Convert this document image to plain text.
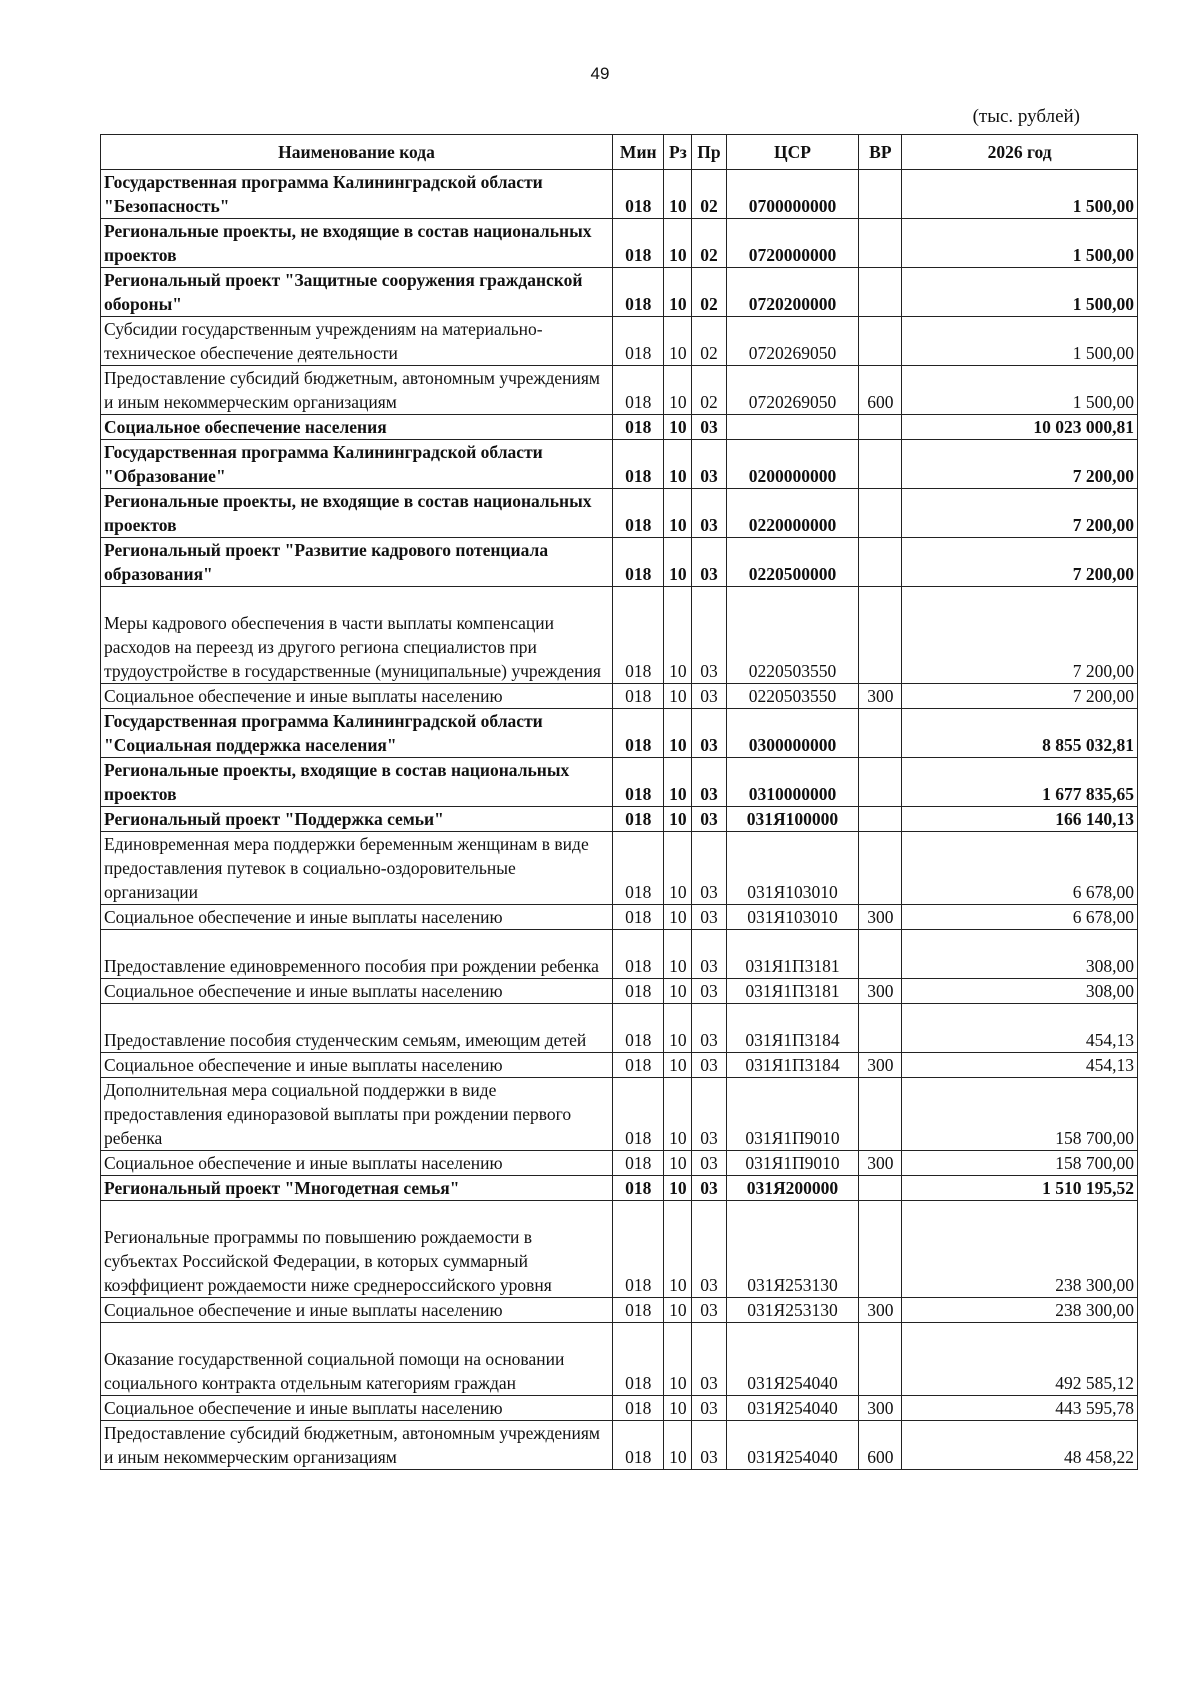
49
(тыс. рублей)
Наименование кода	Мин	Рз	Пр	ЦСР	ВР	2026 год
Государственная программа Калининградской области "Безопасность"	018	10	02	0700000000		1 500,00
Региональные проекты, не входящие в состав национальных проектов	018	10	02	0720000000		1 500,00
Региональный проект "Защитные сооружения гражданской обороны"	018	10	02	0720200000		1 500,00
Субсидии государственным учреждениям на материально-техническое обеспечение деятельности	018	10	02	0720269050		1 500,00
Предоставление субсидий бюджетным, автономным учреждениям и иным некоммерческим организациям	018	10	02	0720269050	600	1 500,00
Социальное обеспечение населения	018	10	03			10 023 000,81
Государственная программа Калининградской области "Образование"	018	10	03	0200000000		7 200,00
Региональные проекты, не входящие в состав национальных проектов	018	10	03	0220000000		7 200,00
Региональный проект "Развитие кадрового потенциала образования"	018	10	03	0220500000		7 200,00
Меры кадрового обеспечения в части выплаты компенсации расходов на переезд из другого региона специалистов при трудоустройстве в государственные (муниципальные) учреждения	018	10	03	0220503550		7 200,00
Социальное обеспечение и иные выплаты населению	018	10	03	0220503550	300	7 200,00
Государственная программа Калининградской области "Социальная поддержка населения"	018	10	03	0300000000		8 855 032,81
Региональные проекты, входящие в состав национальных проектов	018	10	03	0310000000		1 677 835,65
Региональный проект "Поддержка семьи"	018	10	03	031Я100000		166 140,13
Единовременная мера поддержки беременным женщинам в виде предоставления путевок в социально-оздоровительные организации	018	10	03	031Я103010		6 678,00
Социальное обеспечение и иные выплаты населению	018	10	03	031Я103010	300	6 678,00
Предоставление единовременного пособия при рождении ребенка	018	10	03	031Я1П3181		308,00
Социальное обеспечение и иные выплаты населению	018	10	03	031Я1П3181	300	308,00
Предоставление пособия студенческим семьям, имеющим детей	018	10	03	031Я1П3184		454,13
Социальное обеспечение и иные выплаты населению	018	10	03	031Я1П3184	300	454,13
Дополнительная мера социальной поддержки в виде предоставления единоразовой выплаты при рождении первого ребенка	018	10	03	031Я1П9010		158 700,00
Социальное обеспечение и иные выплаты населению	018	10	03	031Я1П9010	300	158 700,00
Региональный проект "Многодетная семья"	018	10	03	031Я200000		1 510 195,52
Региональные программы по повышению рождаемости в субъектах Российской Федерации, в которых суммарный коэффициент рождаемости ниже среднероссийского уровня	018	10	03	031Я253130		238 300,00
Социальное обеспечение и иные выплаты населению	018	10	03	031Я253130	300	238 300,00
Оказание государственной социальной помощи на основании социального контракта отдельным категориям граждан	018	10	03	031Я254040		492 585,12
Социальное обеспечение и иные выплаты населению	018	10	03	031Я254040	300	443 595,78
Предоставление субсидий бюджетным, автономным учреждениям и иным некоммерческим организациям	018	10	03	031Я254040	600	48 458,22
